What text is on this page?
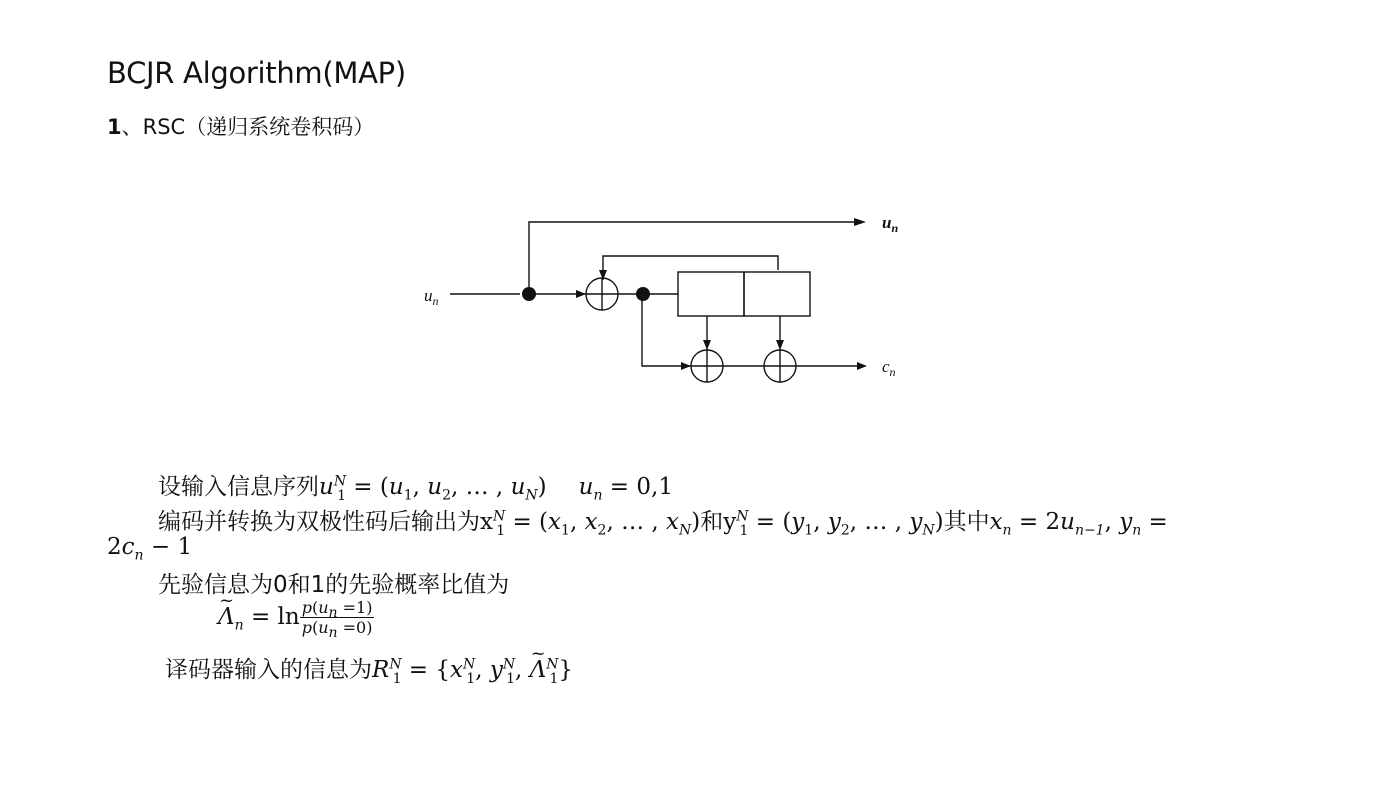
BCJR Algorithm(MAP)
1、RSC（递归系统卷积码）
$u_n$
$u_n$
$c_n$
设输入信息序列$u^N_1 = (u_1$, $u_2$, … , $u_N$) $u_n = 0,1$
编码并转换为双极性码后输出为$x^N_1 = (x_1$, $x_2$, … , $x_N$)和$y^N_1 = (y_1$, $y_2$, … , $y_N$)其中$x_n = 2u_{n-1}$, $y_n$ =
$2c_n - 1$
先验信息为0和1的先验概率比值为
~ $\Lambda_n = \ln \frac{p(u_n =1)}{p(u_n =0)}$
译码器输入的信息为$R^N_1 = \{x^N_1$, $y^N_1$, ~ $\Lambda^N_1$}
